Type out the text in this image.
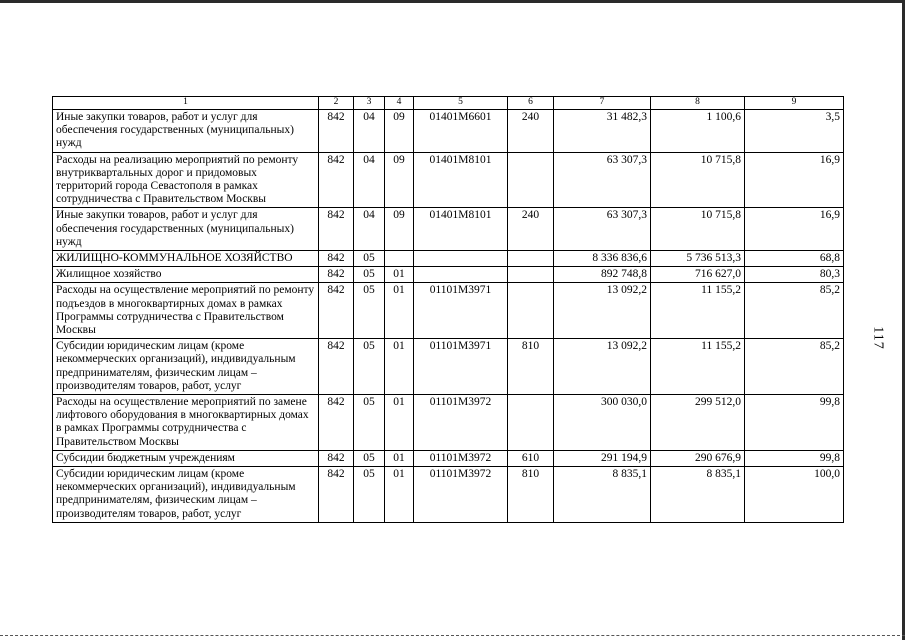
1	2	3	4	5	6	7	8	9
Иные закупки товаров, работ и услуг для обеспечения государственных (муниципальных) нужд	842	04	09	01401М6601	240	31 482,3	1 100,6	3,5
Расходы на реализацию мероприятий по ремонту внутриквартальных дорог и придомовых территорий города Севастополя в рамках сотрудничества с Правительством Москвы	842	04	09	01401М8101		63 307,3	10 715,8	16,9
Иные закупки товаров, работ и услуг для обеспечения государственных (муниципальных) нужд	842	04	09	01401М8101	240	63 307,3	10 715,8	16,9
ЖИЛИЩНО-КОММУНАЛЬНОЕ ХОЗЯЙСТВО	842	05				8 336 836,6	5 736 513,3	68,8
Жилищное хозяйство	842	05	01			892 748,8	716 627,0	80,3
Расходы на осуществление мероприятий по ремонту подъездов в многоквартирных домах в рамках Программы сотрудничества с Правительством Москвы	842	05	01	01101М3971		13 092,2	11 155,2	85,2
Субсидии юридическим лицам (кроме некоммерческих организаций), индивидуальным предпринимателям, физическим лицам – производителям товаров, работ, услуг	842	05	01	01101М3971	810	13 092,2	11 155,2	85,2
Расходы на осуществление мероприятий по замене лифтового оборудования в многоквартирных домах в рамках Программы сотрудничества с Правительством Москвы	842	05	01	01101М3972		300 030,0	299 512,0	99,8
Субсидии бюджетным учреждениям	842	05	01	01101М3972	610	291 194,9	290 676,9	99,8
Субсидии юридическим лицам (кроме некоммерческих организаций), индивидуальным предпринимателям, физическим лицам – производителям товаров, работ, услуг	842	05	01	01101М3972	810	8 835,1	8 835,1	100,0
117
